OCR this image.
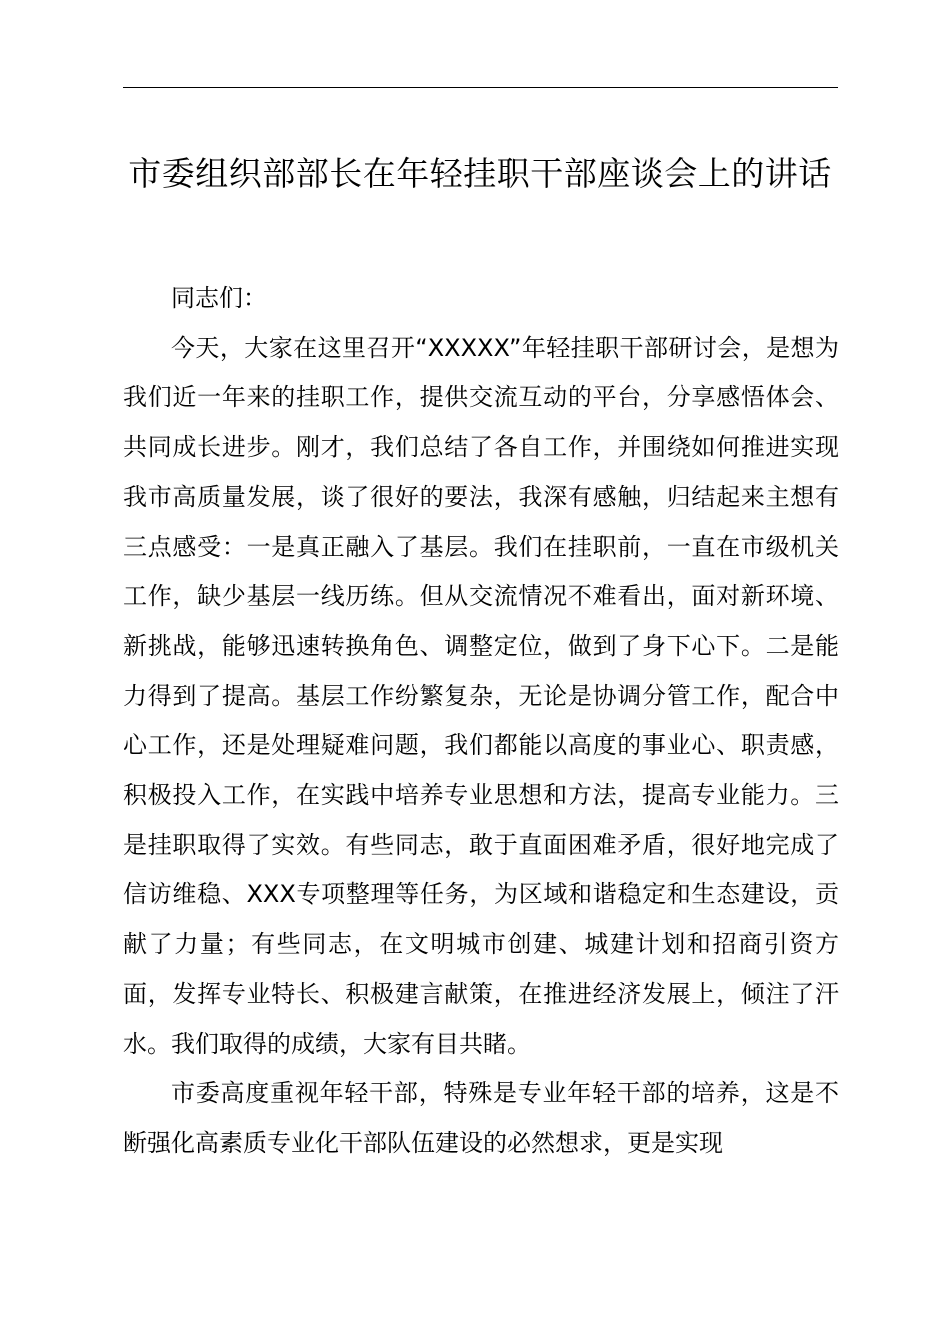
市委组织部部长在年轻挂职干部座谈会上的讲话

同志们：

今天，大家在这里召开“XXXXX”年轻挂职干部研讨会，是想为我们近一年来的挂职工作，提供交流互动的平台，分享感悟体会、共同成长进步。刚才，我们总结了各自工作，并围绕如何推进实现我市高质量发展，谈了很好的要法，我深有感触，归结起来主想有三点感受：一是真正融入了基层。我们在挂职前，一直在市级机关工作，缺少基层一线历练。但从交流情况不难看出，面对新环境、新挑战，能够迅速转换角色、调整定位，做到了身下心下。二是能力得到了提高。基层工作纷繁复杂，无论是协调分管工作，配合中心工作，还是处理疑难问题，我们都能以高度的事业心、职责感，积极投入工作，在实践中培养专业思想和方法，提高专业能力。三是挂职取得了实效。有些同志，敢于直面困难矛盾，很好地完成了信访维稳、XXX专项整理等任务，为区域和谐稳定和生态建设，贡献了力量；有些同志，在文明城市创建、城建计划和招商引资方面，发挥专业特长、积极建言献策，在推进经济发展上，倾注了汗水。我们取得的成绩，大家有目共睹。

市委高度重视年轻干部，特殊是专业年轻干部的培养，这是不断强化高素质专业化干部队伍建设的必然想求，更是实现
